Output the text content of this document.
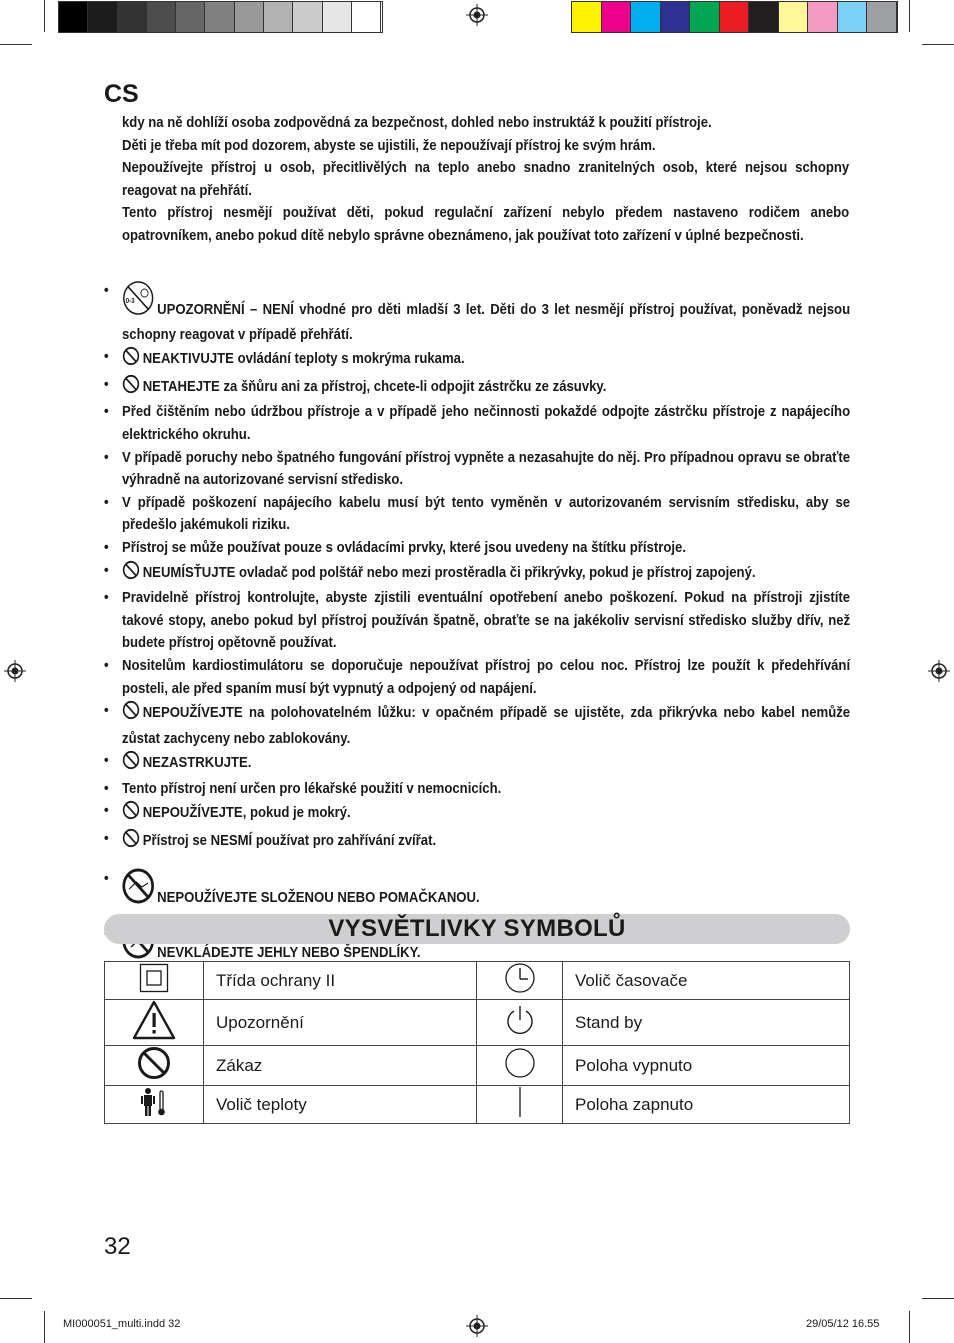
CS

kdy na ně dohlíží osoba zodpovědná za bezpečnost, dohled nebo instruktáž k použití přístroje.

Děti je třeba mít pod dozorem, abyste se ujistili, že nepoužívají přístroj ke svým hrám.

Nepoužívejte přístroj u osob, přecitlivělých na teplo anebo snadno zranitelných osob, které nejsou schopny reagovat na přehřátí.

Tento přístroj nesmějí používat děti, pokud regulační zařízení nebylo předem nastaveno rodičem anebo opatrovníkem, anebo pokud dítě nebylo správne obeznámeno, jak používat toto zařízení v úplné bezpečnosti.

•
0-3
UPOZORNĚNÍ – NENÍ vhodné pro děti mladší 3 let. Děti do 3 let nesmějí přístroj používat, poněvadž nejsou schopny reagovat v případě přehřátí.
• NEAKTIVUJTE ovládání teploty s mokrýma rukama.
• NETAHEJTE za šňůru ani za přístroj, chcete-li odpojit zástrčku ze zásuvky.
• Před čištěním nebo údržbou přístroje a v případě jeho nečinnosti pokaždé odpojte zástrčku přístroje z napájecího elektrického okruhu.
• V případě poruchy nebo špatného fungování přístroj vypněte a nezasahujte do něj. Pro případnou opravu se obraťte výhradně na autorizované servisní středisko.
• V případě poškození napájecího kabelu musí být tento vyměněn v autorizovaném servisním středisku, aby se předešlo jakémukoli riziku.
• Přístroj se může používat pouze s ovládacími prvky, které jsou uvedeny na štítku přístroje.
• NEUMÍSŤUJTE ovladač pod polštář nebo mezi prostěradla či přikrývky, pokud je přístroj zapojený.
• Pravidelně přístroj kontrolujte, abyste zjistili eventuální opotřebení anebo poškození. Pokud na přístroji zjistíte takové stopy, anebo pokud byl přístroj používán špatně, obraťte se na jakékoliv servisní středisko služby dřív, než budete přístroj opětovně používat.
• Nositelům kardiostimulátoru se doporučuje nepoužívat přístroj po celou noc. Přístroj lze použít k předehřívání posteli, ale před spaním musí být vypnutý a odpojený od napájení.
• NEPOUŽÍVEJTE na polohovatelném lůžku: v opačném případě se ujistěte, zda přikrývka nebo kabel nemůže zůstat zachyceny nebo zablokovány.
• NEZASTRKUJTE.
• Tento přístroj není určen pro lékařské použití v nemocnicích.
• NEPOUŽÍVEJTE, pokud je mokrý.
• Přístroj se NESMÍ používat pro zahřívání zvířat.
•
NEPOUŽÍVEJTE SLOŽENOU NEBO POMAČKANOU.
NEVKLÁDEJTE JEHLY NEBO ŠPENDLÍKY.
VYSVĚTLIVKY SYMBOLŮ
	Třída ochrany II		Volič časovače
	Upozornění		Stand by
	Zákaz		Poloha vypnuto
	Volič teploty		Poloha zapnuto

32

MI000051_multi.indd 32	29/05/12 16.55
